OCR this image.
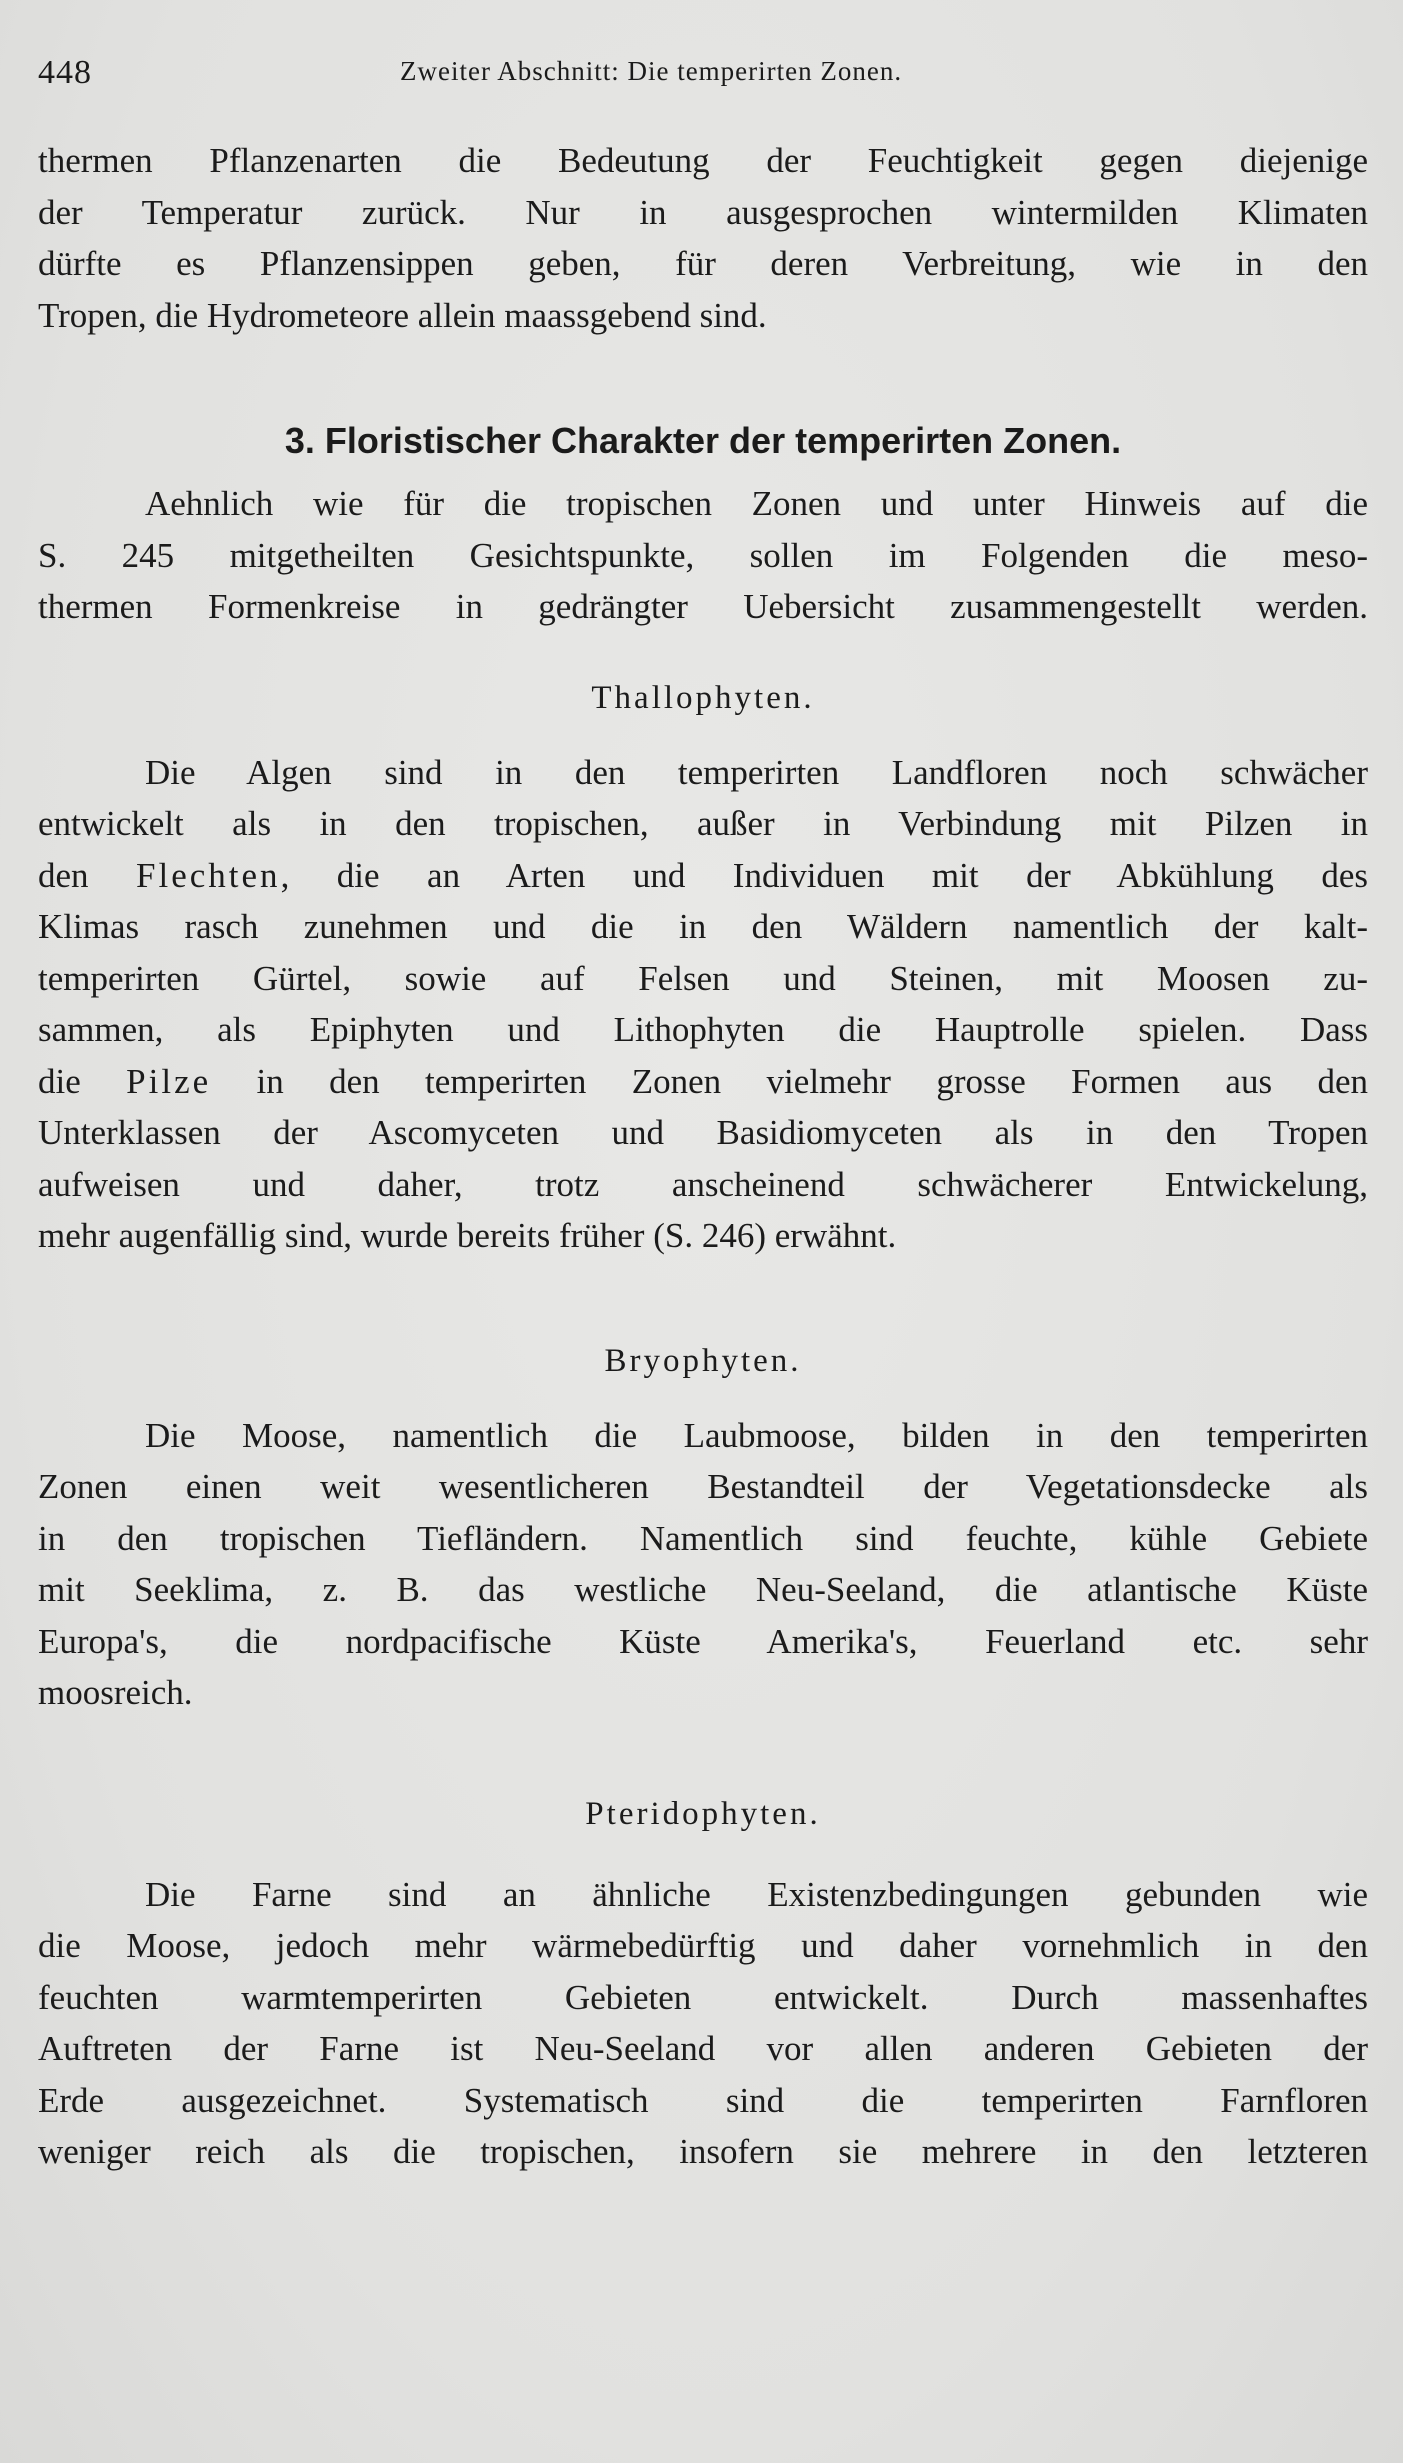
448	Zweiter Abschnitt: Die temperirten Zonen.
thermen Pflanzenarten die Bedeutung der Feuchtigkeit gegen diejenige
der Temperatur zurück. Nur in ausgesprochen wintermilden Klimaten
dürfte es Pflanzensippen geben, für deren Verbreitung, wie in den
Tropen, die Hydrometeore allein maassgebend sind.
3. Floristischer Charakter der temperirten Zonen.
Aehnlich wie für die tropischen Zonen und unter Hinweis auf die
S. 245 mitgetheilten Gesichtspunkte, sollen im Folgenden die meso-
thermen Formenkreise in gedrängter Uebersicht zusammengestellt werden.
Thallophyten.
Die Algen sind in den temperirten Landfloren noch schwächer
entwickelt als in den tropischen, außer in Verbindung mit Pilzen in
den Flechten, die an Arten und Individuen mit der Abkühlung des
Klimas rasch zunehmen und die in den Wäldern namentlich der kalt-
temperirten Gürtel, sowie auf Felsen und Steinen, mit Moosen zu-
sammen, als Epiphyten und Lithophyten die Hauptrolle spielen. Dass
die Pilze in den temperirten Zonen vielmehr grosse Formen aus den
Unterklassen der Ascomyceten und Basidiomyceten als in den Tropen
aufweisen und daher, trotz anscheinend schwächerer Entwickelung,
mehr augenfällig sind, wurde bereits früher (S. 246) erwähnt.
Bryophyten.
Die Moose, namentlich die Laubmoose, bilden in den temperirten
Zonen einen weit wesentlicheren Bestandteil der Vegetationsdecke als
in den tropischen Tiefländern. Namentlich sind feuchte, kühle Gebiete
mit Seeklima, z. B. das westliche Neu-Seeland, die atlantische Küste
Europa's, die nordpacifische Küste Amerika's, Feuerland etc. sehr
moosreich.
Pteridophyten.
Die Farne sind an ähnliche Existenzbedingungen gebunden wie
die Moose, jedoch mehr wärmebedürftig und daher vornehmlich in den
feuchten warmtemperirten Gebieten entwickelt. Durch massenhaftes
Auftreten der Farne ist Neu-Seeland vor allen anderen Gebieten der
Erde ausgezeichnet. Systematisch sind die temperirten Farnfloren
weniger reich als die tropischen, insofern sie mehrere in den letzteren
